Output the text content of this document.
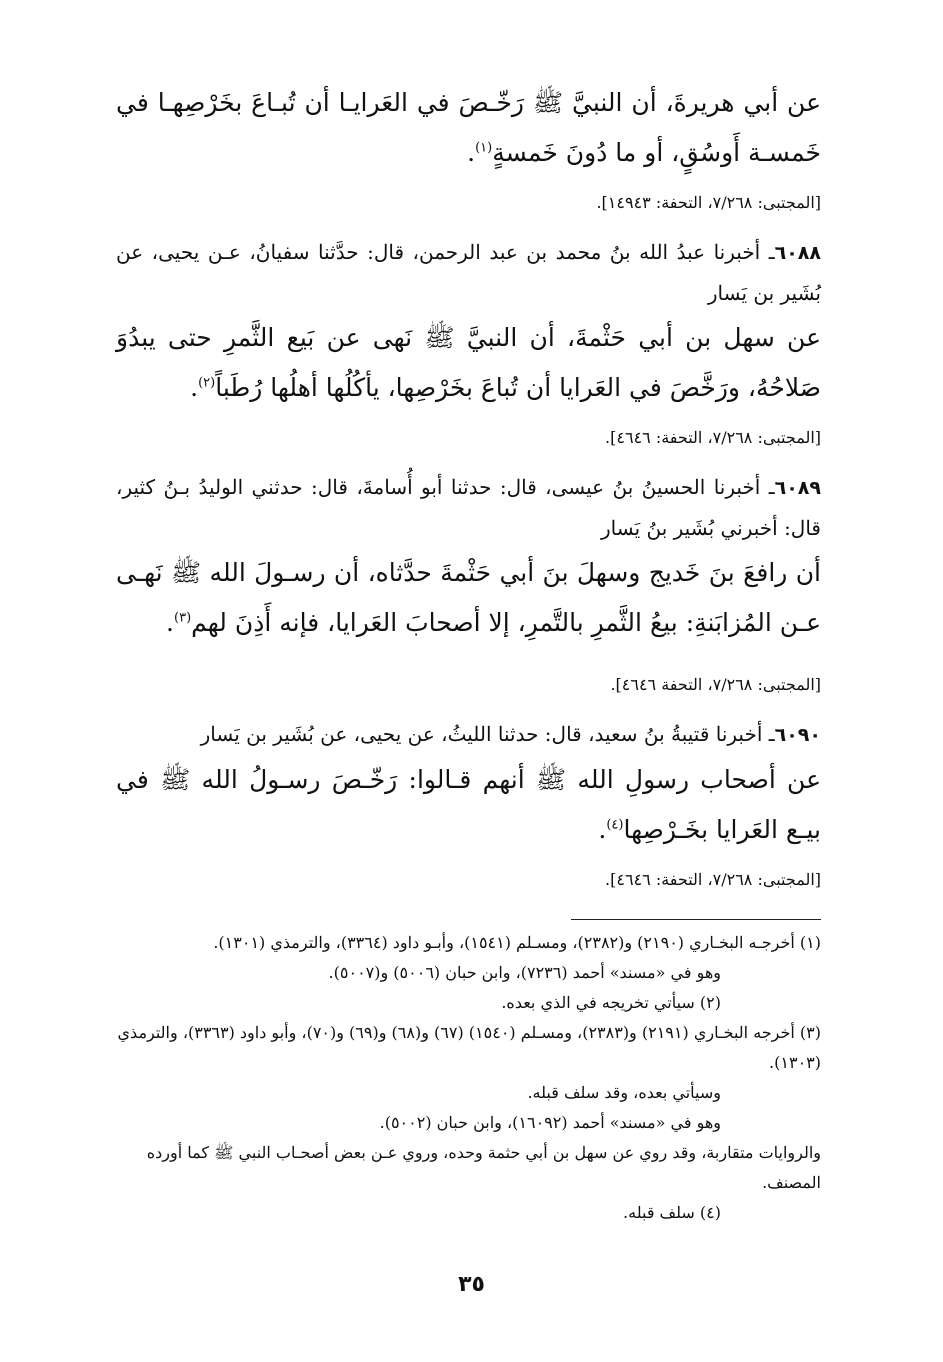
عن أبي هريرةَ، أن النبيَّ ﷺ رَخّـصَ في العَرايـا أن تُبـاعَ بخَرْصِهـا في خَمسـة أَوسُقٍ، أو ما دُونَ خَمسةٍ$^{(١)}$.

[المجتبى: ٧/٢٦٨، التحفة: ١٤٩٤٣].

٦٠٨٨ـ أخبرنا عبدُ الله بنُ محمد بن عبد الرحمن، قال: حدَّثنا سفيانُ، عـن يحيى، عن بُشَير بن يَسار

عن سهل بن أبي حَثْمةَ، أن النبيَّ ﷺ نَهى عن بَيع الثَّمرِ حتى يبدُوَ صَلاحُهُ، ورَخَّصَ في العَرايا أن تُباعَ بخَرْصِها، يأكُلُها أهلُها رُطَباً$^{(٢)}$.

[المجتبى: ٧/٢٦٨، التحفة: ٤٦٤٦].

٦٠٨٩ـ أخبرنا الحسينُ بنُ عيسى، قال: حدثنا أبو أُسامةَ، قال: حدثني الوليدُ بـنُ كثير، قال: أخبرني بُشَير بنُ يَسار

أن رافعَ بنَ خَديج وسهلَ بنَ أبي حَثْمةَ حدَّثاه، أن رسـولَ الله ﷺ نَهـى عـن المُزابَنةِ: بيعُ الثَّمرِ بالتَّمرِ، إلا أصحابَ العَرايا، فإنه أَذِنَ لهم$^{(٣)}$.

[المجتبى: ٧/٢٦٨، التحفة ٤٦٤٦].

٦٠٩٠ـ أخبرنا قتيبةُ بنُ سعيد، قال: حدثنا الليثُ، عن يحيى، عن بُشَير بن يَسار

عن أصحاب رسولِ الله ﷺ أنهم قـالوا: رَخّـصَ رسـولُ الله ﷺ في بيـع العَرايا بخَـرْصِها$^{(٤)}$.

[المجتبى: ٧/٢٦٨، التحفة: ٤٦٤٦].

(١) أخرجـه البخـاري (٢١٩٠) و(٢٣٨٢)، ومسـلم (١٥٤١)، وأبـو داود (٣٣٦٤)، والترمذي (١٣٠١).

وهو في «مسند» أحمد (٧٢٣٦)، وابن حبان (٥٠٠٦) و(٥٠٠٧).

(٢) سيأتي تخريجه في الذي بعده.

(٣) أخرجه البخـاري (٢١٩١) و(٢٣٨٣)، ومسـلم (١٥٤٠) (٦٧) و(٦٨) و(٦٩) و(٧٠)، وأبو داود (٣٣٦٣)، والترمذي (١٣٠٣).

وسيأتي بعده، وقد سلف قبله.

وهو في «مسند» أحمد (١٦٠٩٢)، وابن حبان (٥٠٠٢).

والروايات متقاربة، وقد روي عن سهل بن أبي حثمة وحده، وروي عـن بعض أصحـاب النبي ﷺ كما أورده المصنف.

(٤) سلف قبله.

٣٥
